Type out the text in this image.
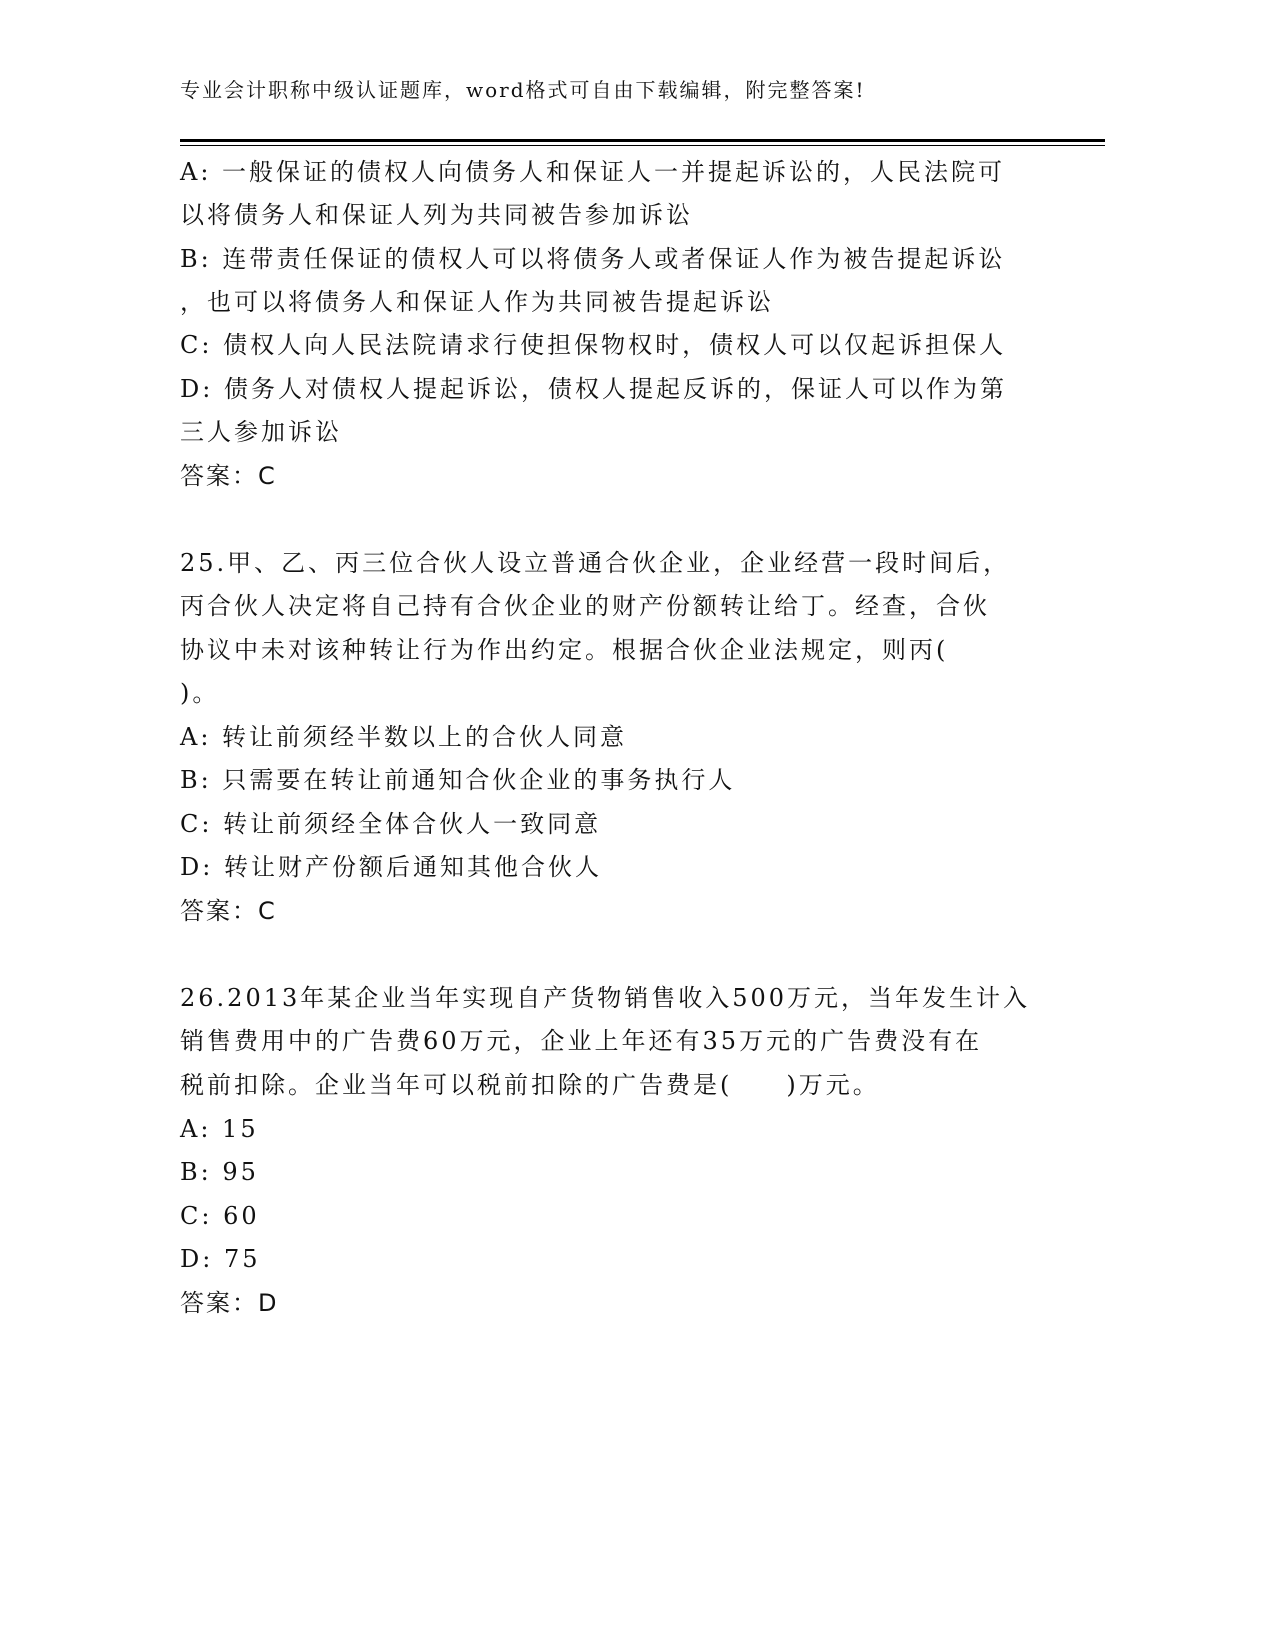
专业会计职称中级认证题库，word格式可自由下载编辑，附完整答案!
A: 一般保证的债权人向债务人和保证人一并提起诉讼的，人民法院可
以将债务人和保证人列为共同被告参加诉讼
B: 连带责任保证的债权人可以将债务人或者保证人作为被告提起诉讼
，也可以将债务人和保证人作为共同被告提起诉讼
C: 债权人向人民法院请求行使担保物权时，债权人可以仅起诉担保人
D: 债务人对债权人提起诉讼，债权人提起反诉的，保证人可以作为第
三人参加诉讼
答案：C
25.甲、乙、丙三位合伙人设立普通合伙企业，企业经营一段时间后，
丙合伙人决定将自己持有合伙企业的财产份额转让给丁。经查，合伙
协议中未对该种转让行为作出约定。根据合伙企业法规定，则丙(
)。
A: 转让前须经半数以上的合伙人同意
B: 只需要在转让前通知合伙企业的事务执行人
C: 转让前须经全体合伙人一致同意
D: 转让财产份额后通知其他合伙人
答案：C
26.2013年某企业当年实现自产货物销售收入500万元，当年发生计入
销售费用中的广告费60万元，企业上年还有35万元的广告费没有在
税前扣除。企业当年可以税前扣除的广告费是(　　)万元。
A: 15
B: 95
C: 60
D: 75
答案：D
